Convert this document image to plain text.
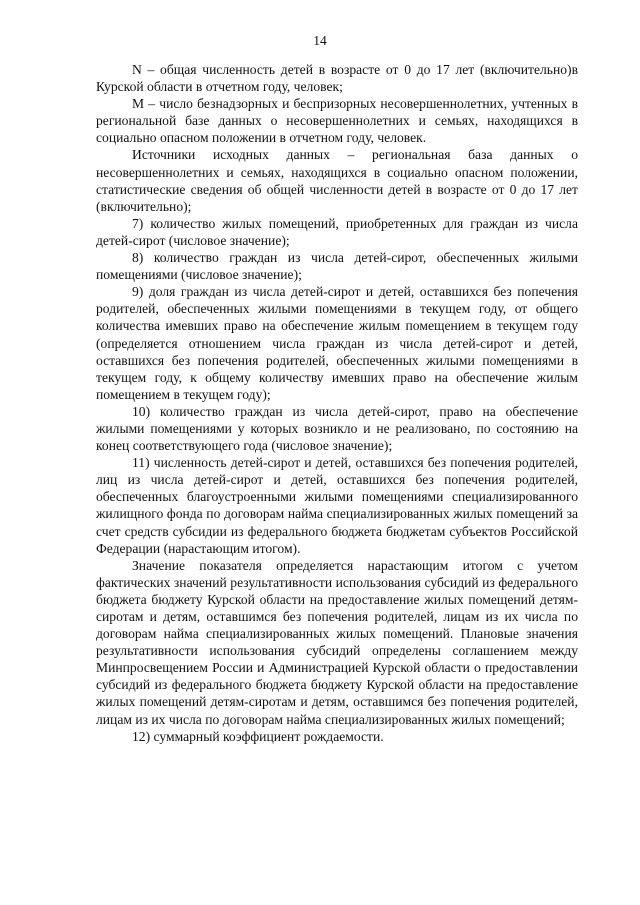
14

N – общая численность детей в возрасте от 0 до 17 лет (включительно)в Курской области в отчетном году, человек;

M – число безнадзорных и беспризорных несовершеннолетних, учтенных в региональной базе данных о несовершеннолетних и семьях, находящихся в социально опасном положении в отчетном году, человек.

Источники исходных данных – региональная база данных о несовершеннолетних и семьях, находящихся в социально опасном положении, статистические сведения об общей численности детей в возрасте от 0 до 17 лет (включительно);

7) количество жилых помещений, приобретенных для граждан из числа детей-сирот (числовое значение);

8) количество граждан из числа детей-сирот, обеспеченных жилыми помещениями (числовое значение);

9) доля граждан из числа детей-сирот и детей, оставшихся без попечения родителей, обеспеченных жилыми помещениями в текущем году, от общего количества имевших право на обеспечение жилым помещением в текущем году (определяется отношением числа граждан из числа детей-сирот и детей, оставшихся без попечения родителей, обеспеченных жилыми помещениями в текущем году, к общему количеству имевших право на обеспечение жилым помещением в текущем году);

10) количество граждан из числа детей-сирот, право на обеспечение жилыми помещениями у которых возникло и не реализовано, по состоянию на конец соответствующего года (числовое значение);

11) численность детей-сирот и детей, оставшихся без попечения родителей, лиц из числа детей-сирот и детей, оставшихся без попечения родителей, обеспеченных благоустроенными жилыми помещениями специализированного жилищного фонда по договорам найма специализированных жилых помещений за счет средств субсидии из федерального бюджета бюджетам субъектов Российской Федерации (нарастающим итогом).

Значение показателя определяется нарастающим итогом с учетом фактических значений результативности использования субсидий из федерального бюджета бюджету Курской области на предоставление жилых помещений детям-сиротам и детям, оставшимся без попечения родителей, лицам из их числа по договорам найма специализированных жилых помещений. Плановые значения результативности использования субсидий определены соглашением между Минпросвещением России и Администрацией Курской области о предоставлении субсидий из федерального бюджета бюджету Курской области на предоставление жилых помещений детям-сиротам и детям, оставшимся без попечения родителей, лицам из их числа по договорам найма специализированных жилых помещений;

12) суммарный коэффициент рождаемости.
